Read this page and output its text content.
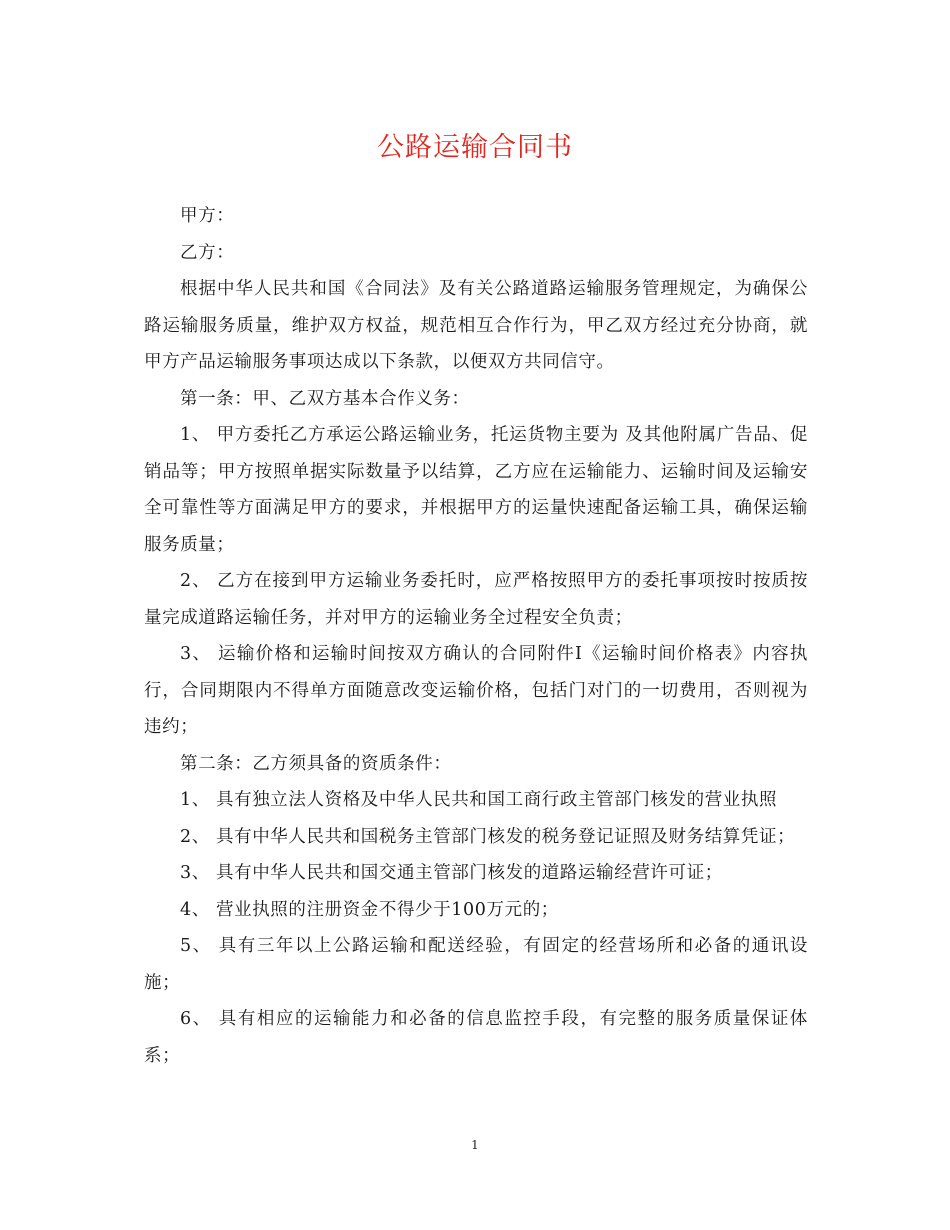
公路运输合同书

甲方：

乙方：

根据中华人民共和国《合同法》及有关公路道路运输服务管理规定，为确保公路运输服务质量，维护双方权益，规范相互合作行为，甲乙双方经过充分协商，就甲方产品运输服务事项达成以下条款，以便双方共同信守。

第一条：甲、乙双方基本合作义务：

1、 甲方委托乙方承运公路运输业务，托运货物主要为 及其他附属广告品、促销品等；甲方按照单据实际数量予以结算，乙方应在运输能力、运输时间及运输安全可靠性等方面满足甲方的要求，并根据甲方的运量快速配备运输工具，确保运输服务质量；

2、 乙方在接到甲方运输业务委托时，应严格按照甲方的委托事项按时按质按量完成道路运输任务，并对甲方的运输业务全过程安全负责；

3、 运输价格和运输时间按双方确认的合同附件Ⅰ《运输时间价格表》内容执行，合同期限内不得单方面随意改变运输价格，包括门对门的一切费用，否则视为违约；

第二条：乙方须具备的资质条件：

1、 具有独立法人资格及中华人民共和国工商行政主管部门核发的营业执照

2、 具有中华人民共和国税务主管部门核发的税务登记证照及财务结算凭证；

3、 具有中华人民共和国交通主管部门核发的道路运输经营许可证；

4、 营业执照的注册资金不得少于100万元的；

5、 具有三年以上公路运输和配送经验，有固定的经营场所和必备的通讯设施；

6、 具有相应的运输能力和必备的信息监控手段，有完整的服务质量保证体系；

1
